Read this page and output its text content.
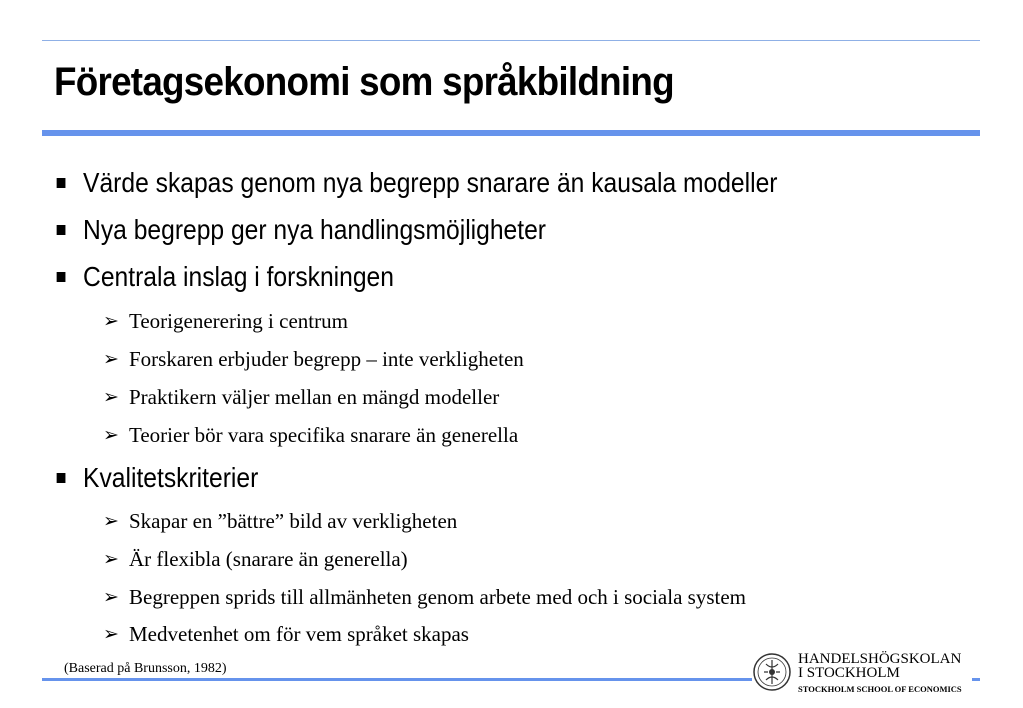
Företagsekonomi som språkbildning
Värde skapas genom nya begrepp snarare än kausala modeller
Nya begrepp ger nya handlingsmöjligheter
Centrala inslag i forskningen
➢ Teorigenerering i centrum
➢ Forskaren erbjuder begrepp – inte verkligheten
➢ Praktikern väljer mellan en mängd modeller
➢ Teorier bör vara specifika snarare än generella
Kvalitetskriterier
➢ Skapar en ”bättre” bild av verkligheten
➢ Är flexibla (snarare än generella)
➢ Begreppen sprids till allmänheten genom arbete med och i sociala system
➢ Medvetenhet om för vem språket skapas
(Baserad på Brunsson, 1982)
HANDELSHÖGSKOLAN
I STOCKHOLM
STOCKHOLM SCHOOL OF ECONOMICS
